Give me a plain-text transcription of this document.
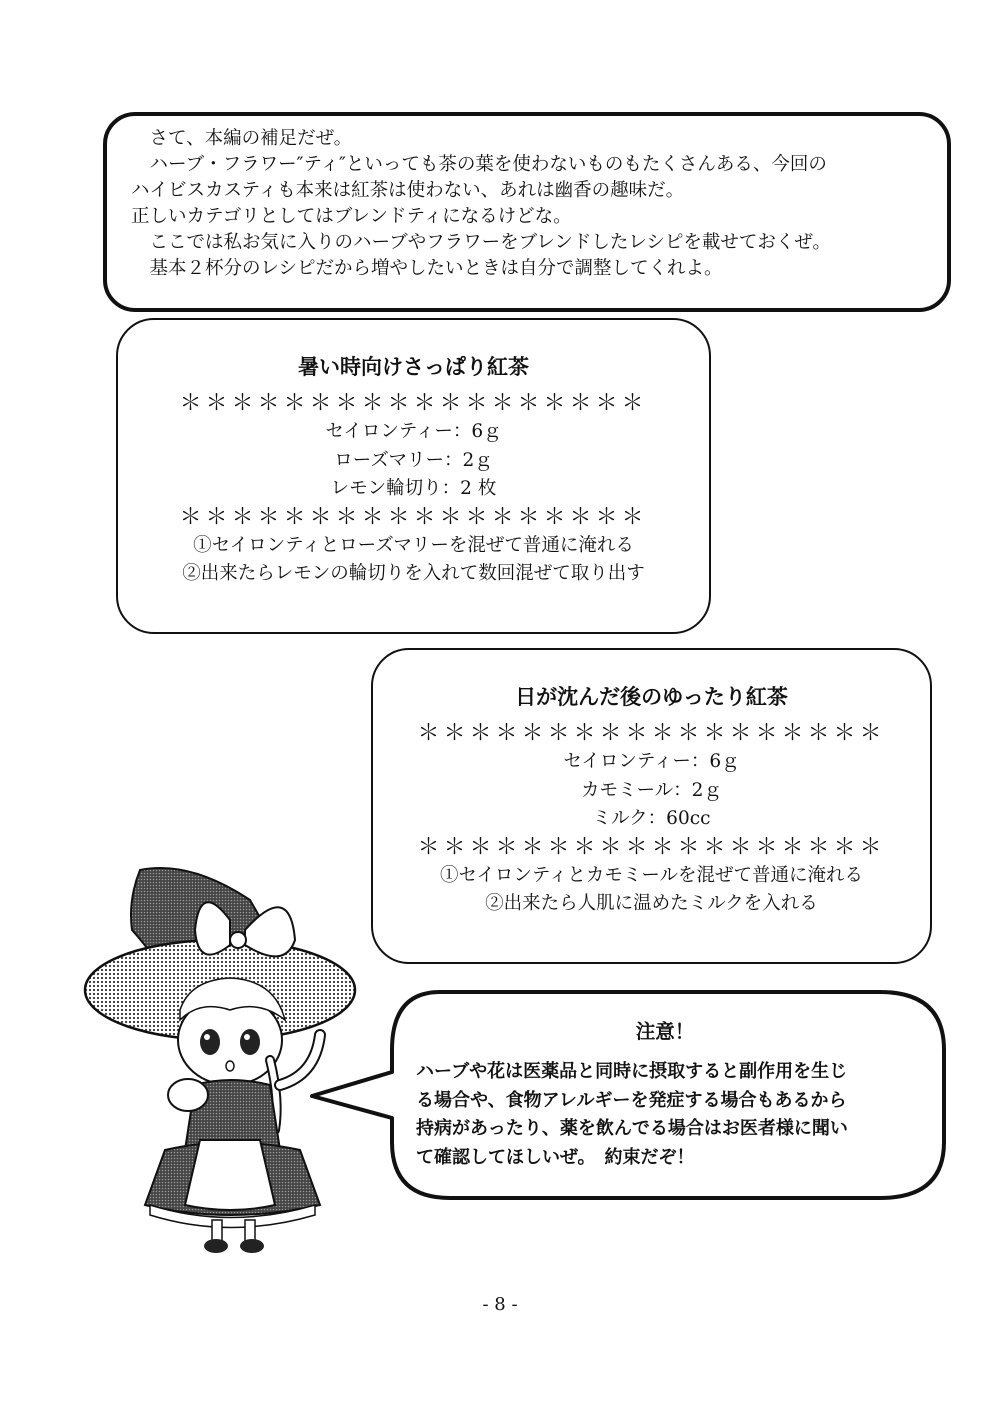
　さて、本編の補足だぜ。

　ハーブ・フラワー″ティ″といっても茶の葉を使わないものもたくさんある、今回の

ハイビスカスティも本来は紅茶は使わない、あれは幽香の趣味だ。

正しいカテゴリとしてはブレンドティになるけどな。

　ここでは私お気に入りのハーブやフラワーをブレンドしたレシピを載せておくぜ。

　基本２杯分のレシピだから増やしたいときは自分で調整してくれよ。

暑い時向けさっぱり紅茶
＊＊＊＊＊＊＊＊＊＊＊＊＊＊＊＊＊＊
セイロンティー：6ｇ
ローズマリー：2ｇ
レモン輪切り：2 枚
＊＊＊＊＊＊＊＊＊＊＊＊＊＊＊＊＊＊
①セイロンティとローズマリーを混ぜて普通に淹れる
②出来たらレモンの輪切りを入れて数回混ぜて取り出す
日が沈んだ後のゆったり紅茶
＊＊＊＊＊＊＊＊＊＊＊＊＊＊＊＊＊＊
セイロンティー：6ｇ
カモミール：2ｇ
ミルク：60cc
＊＊＊＊＊＊＊＊＊＊＊＊＊＊＊＊＊＊
①セイロンティとカモミールを混ぜて普通に淹れる
②出来たら人肌に温めたミルクを入れる
注意！

ハーブや花は医薬品と同時に摂取すると副作用を生じ

る場合や、食物アレルギーを発症する場合もあるから

持病があったり、薬を飲んでる場合はお医者様に聞い

て確認してほしいぜ。　約束だぞ！

- 8 -
